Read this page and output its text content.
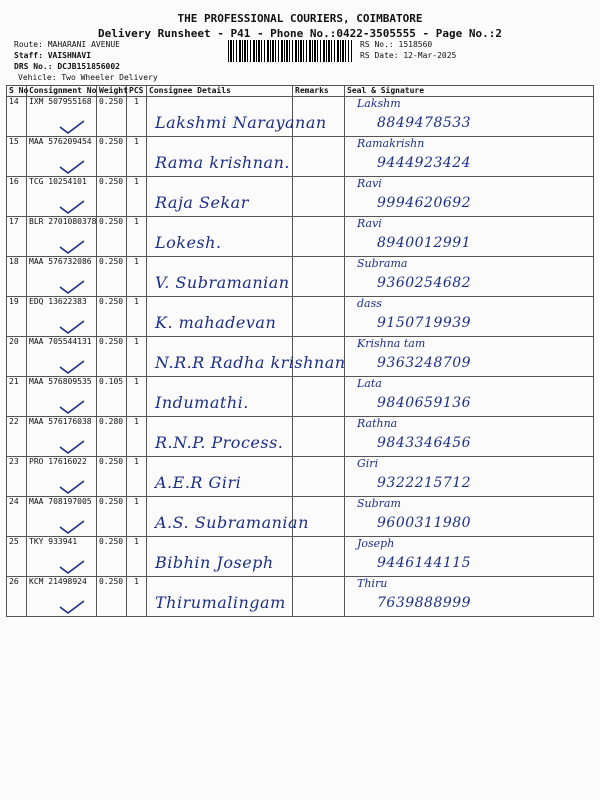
THE PROFESSIONAL COURIERS, COIMBATORE
Delivery Runsheet - P41 - Phone No.:0422-3505555 - Page No.:2
Route: MAHARANI AVENUE
Staff: VAISHNAVI
DRS No.: DCJB151856002
Vehicle: Two Wheeler Delivery
RS No.: 1518560
RS Date: 12-Mar-2025
S No	Consignment No	Weight	PCS	Consignee Details	Remarks	Seal & Signature
14	IXM 507955168	0.250	1	Lakshmi Narayanan		Lakshm
8849478533

15	MAA 576209454	0.250	1	Rama krishnan.		Ramakrishn
9444923424

16	TCG 10254101	0.250	1	Raja Sekar		Ravi
9994620692

17	BLR 2701080378	0.250	1	Lokesh.		Ravi
8940012991

18	MAA 576732086	0.250	1	V. Subramanian		Subrama
9360254682

19	EDQ 13622383	0.250	1	K. mahadevan		dass
9150719939

20	MAA 705544131	0.250	1	N.R.R Radha krishnan		Krishna tam
9363248709

21	MAA 576809535	0.105	1	Indumathi.		Lata
9840659136

22	MAA 576176038	0.280	1	R.N.P. Process.		Rathna
9843346456

23	PRO 17616022	0.250	1	A.E.R Giri		Giri
9322215712

24	MAA 708197005	0.250	1	A.S. Subramanian		Subram
9600311980

25	TKY 933941	0.250	1	Bibhin Joseph		Joseph
9446144115

26	KCM 21498924	0.250	1	Thirumalingam		Thiru
7639888999
